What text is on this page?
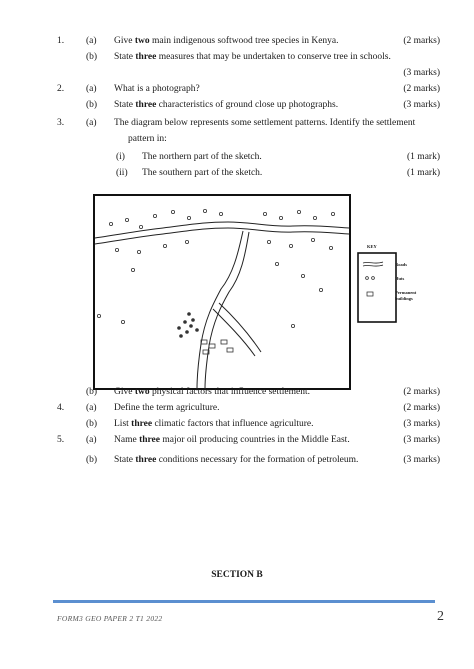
1. (a) Give two main indigenous softwood tree species in Kenya.	(2 marks)
(b) State three measures that may be undertaken to conserve tree in schools.
(3 marks)
2. (a) What is a photograph?	(2 marks)
(b) State three characteristics of ground close up photographs.	(3 marks)
3. (a) The diagram below represents some settlement patterns. Identify the settlement
pattern in:
(i) The northern part of the sketch.	(1 mark)
(ii) The southern part of the sketch.	(1 mark)
KEY
Roads
Huts
Permanent
buildings
(b) Give two physical factors that influence settlement.	(2 marks)
4. (a) Define the term agriculture.	(2 marks)
(b) List three climatic factors that influence agriculture.	(3 marks)
5. (a) Name three major oil producing countries in the Middle East.	(3 marks)
(b) State three conditions necessary for the formation of petroleum.	(3 marks)
SECTION B
FORM3 GEO PAPER 2 T1 2022	2
